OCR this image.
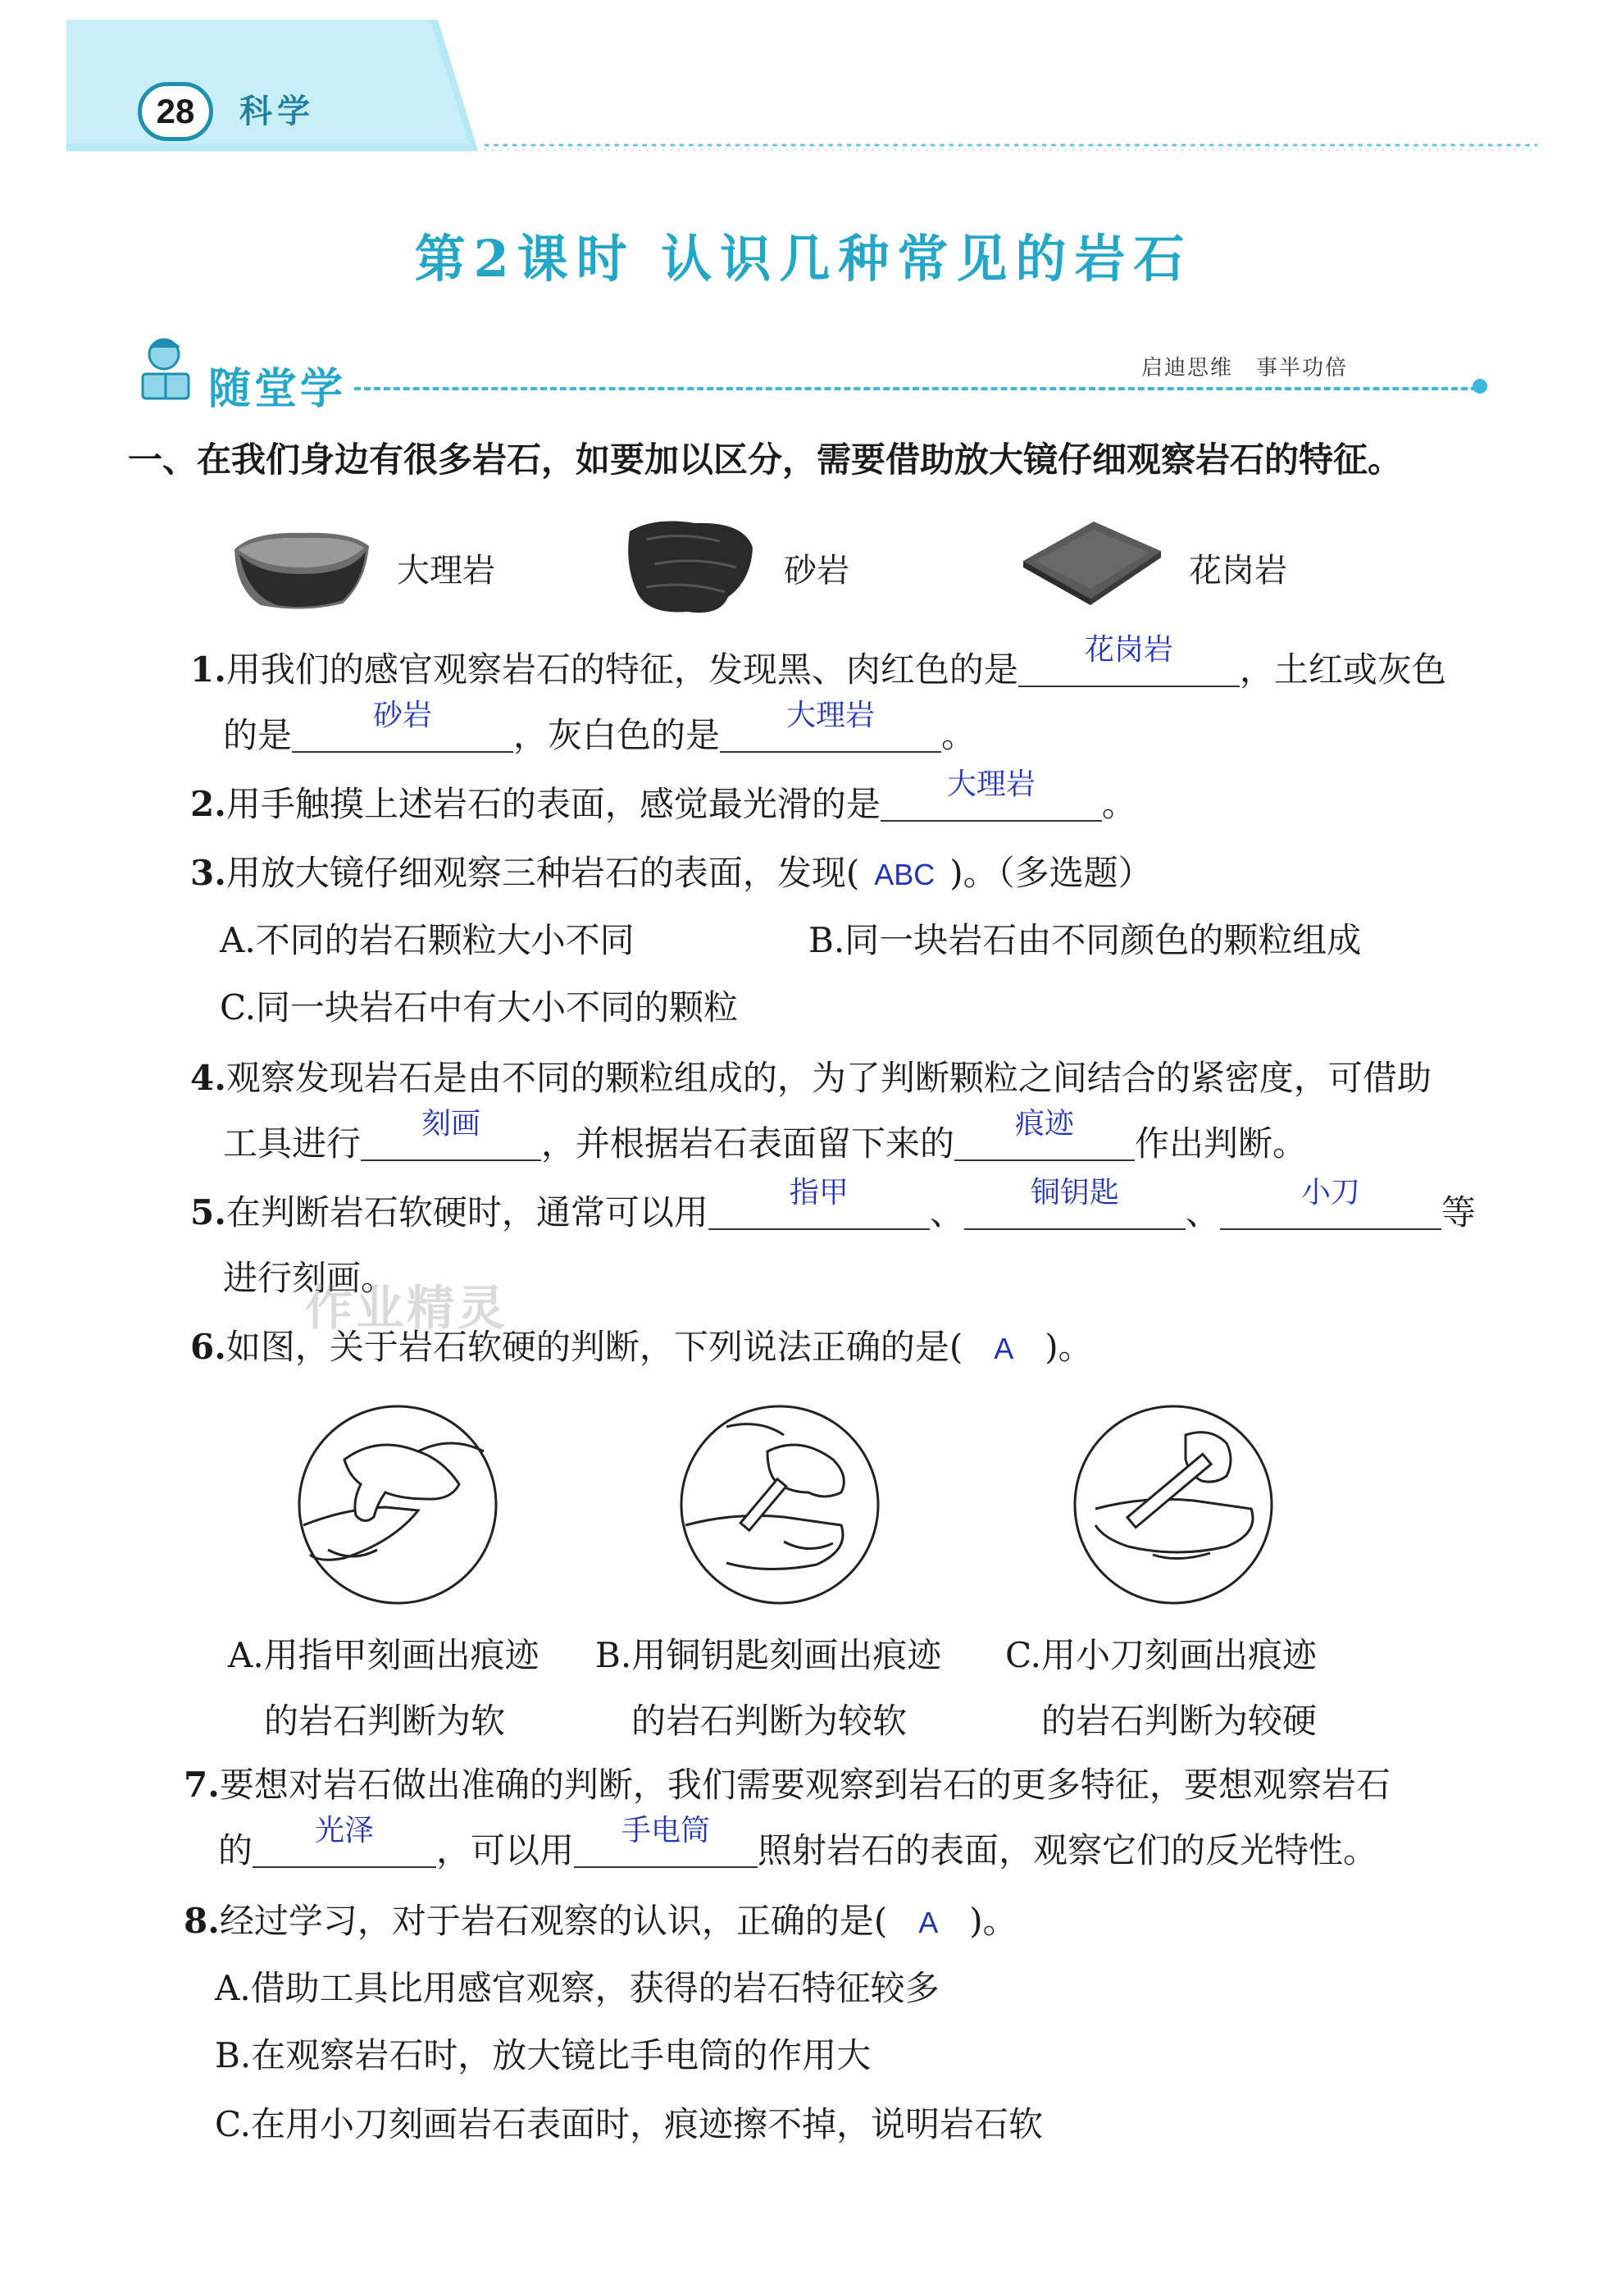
28 科学
第2课时 认识几种常见的岩石
随堂学	启迪思维　事半功倍
一、在我们身边有很多岩石，如要加以区分，需要借助放大镜仔细观察岩石的特征。
大理岩	砂岩	花岗岩
1.用我们的感官观察岩石的特征，发现黑、肉红色的是
花岗岩
，土红或灰色
的是
砂岩
，灰白色的是
大理岩
。
2.用手触摸上述岩石的表面，感觉最光滑的是
大理岩
。
3.用放大镜仔细观察三种岩石的表面，发现( ABC )。（多选题）
A.不同的岩石颗粒大小不同	B.同一块岩石由不同颜色的颗粒组成
C.同一块岩石中有大小不同的颗粒
4.观察发现岩石是由不同的颗粒组成的，为了判断颗粒之间结合的紧密度，可借助
工具进行
刻画
，并根据岩石表面留下来的
痕迹
作出判断。
5.在判断岩石软硬时，通常可以用
指甲
、
铜钥匙
、
小刀
等
进行刻画。
作业精灵
6.如图，关于岩石软硬的判断，下列说法正确的是( A )。
A.用指甲刻画出痕迹
的岩石判断为软
B.用铜钥匙刻画出痕迹
的岩石判断为较软
C.用小刀刻画出痕迹
的岩石判断为较硬
7.要想对岩石做出准确的判断，我们需要观察到岩石的更多特征，要想观察岩石
的
光泽
，可以用
手电筒
照射岩石的表面，观察它们的反光特性。
8.经过学习，对于岩石观察的认识，正确的是( A )。
A.借助工具比用感官观察，获得的岩石特征较多
B.在观察岩石时，放大镜比手电筒的作用大
C.在用小刀刻画岩石表面时，痕迹擦不掉，说明岩石软
